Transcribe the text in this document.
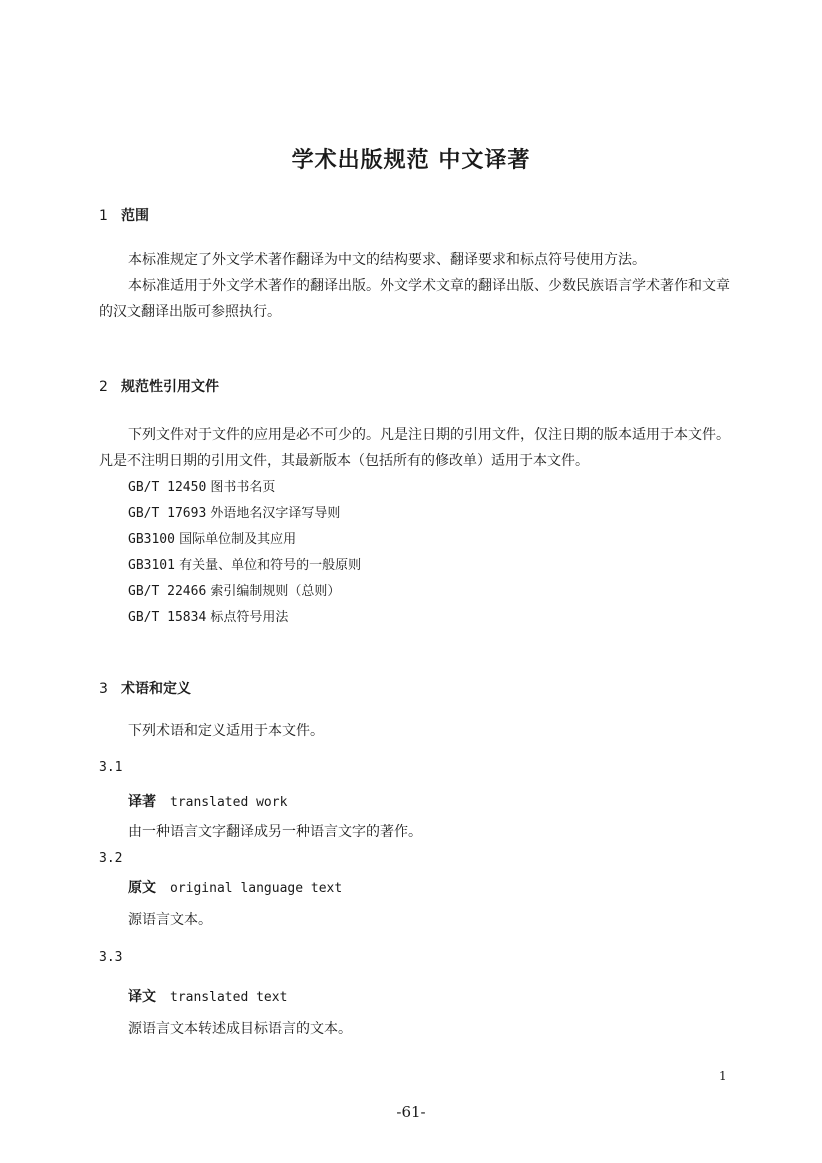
学术出版规范 中文译著
1 范围
本标准规定了外文学术著作翻译为中文的结构要求、翻译要求和标点符号使用方法。
本标准适用于外文学术著作的翻译出版。外文学术文章的翻译出版、少数民族语言学术著作和文章
的汉文翻译出版可参照执行。
2 规范性引用文件
下列文件对于文件的应用是必不可少的。凡是注日期的引用文件，仅注日期的版本适用于本文件。
凡是不注明日期的引用文件，其最新版本（包括所有的修改单）适用于本文件。
GB/T 12450 图书书名页
GB/T 17693 外语地名汉字译写导则
GB3100 国际单位制及其应用
GB3101 有关量、单位和符号的一般原则
GB/T 22466 索引编制规则（总则）
GB/T 15834 标点符号用法
3 术语和定义
下列术语和定义适用于本文件。
3.1
译著 translated work
由一种语言文字翻译成另一种语言文字的著作。
3.2
原文 original language text
源语言文本。
3.3
译文 translated text
源语言文本转述成目标语言的文本。
1
-61-
